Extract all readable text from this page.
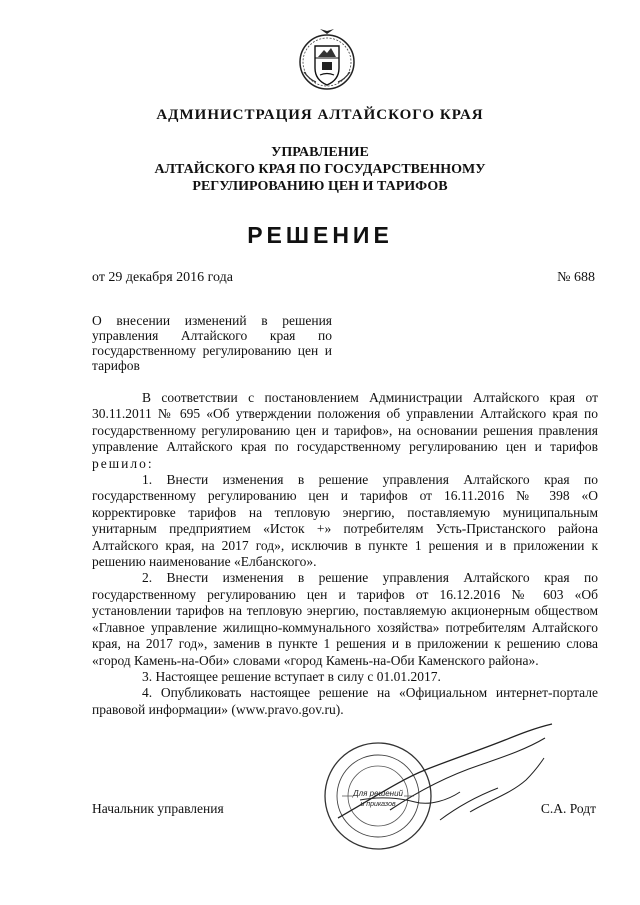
АДМИНИСТРАЦИЯ АЛТАЙСКОГО КРАЯ
УПРАВЛЕНИЕ
АЛТАЙСКОГО КРАЯ ПО ГОСУДАРСТВЕННОМУ
РЕГУЛИРОВАНИЮ ЦЕН И ТАРИФОВ
РЕШЕНИЕ
от 29 декабря 2016 года	№ 688
О внесении изменений в решения управления Алтайского края по государственному регулированию цен и тарифов

В соответствии с постановлением Администрации Алтайского края от 30.11.2011 № 695 «Об утверждении положения об управлении Алтайского края по государственному регулированию цен и тарифов», на основании решения правления управление Алтайского края по государственному регулированию цен и тарифов решило:

1. Внести изменения в решение управления Алтайского края по государственному регулированию цен и тарифов от 16.11.2016 № 398 «О корректировке тарифов на тепловую энергию, поставляемую муниципальным унитарным предприятием «Исток +» потребителям Усть-Пристанского района Алтайского края, на 2017 год», исключив в пункте 1 решения и в приложении к решению наименование «Елбанского».

2. Внести изменения в решение управления Алтайского края по государственному регулированию цен и тарифов от 16.12.2016 № 603 «Об установлении тарифов на тепловую энергию, поставляемую акционерным обществом «Главное управление жилищно-коммунального хозяйства» потребителям Алтайского края, на 2017 год», заменив в пункте 1 решения и в приложении к решению слова «город Камень-на-Оби» словами «город Камень-на-Оби Каменского района».

3. Настоящее решение вступает в силу с 01.01.2017.

4. Опубликовать настоящее решение на «Официальном интернет-портале правовой информации» (www.pravo.gov.ru).

Начальник управления	С.А. Родт
Для решений
и приказов
